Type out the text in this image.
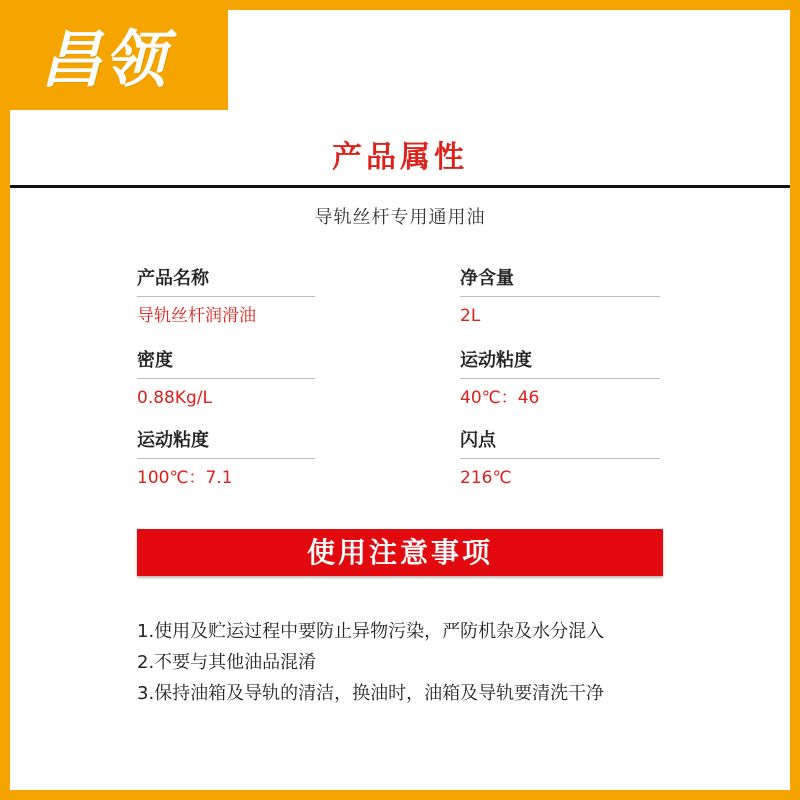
昌领
产品属性
导轨丝杆专用通用油
产品名称
导轨丝杆润滑油
净含量
2L
密度
0.88Kg/L
运动粘度
40℃：46
运动粘度
100℃：7.1
闪点
216℃
使用注意事项
1.使用及贮运过程中要防止异物污染，严防机杂及水分混入
2.不要与其他油品混淆
3.保持油箱及导轨的清洁，换油时，油箱及导轨要清洗干净
